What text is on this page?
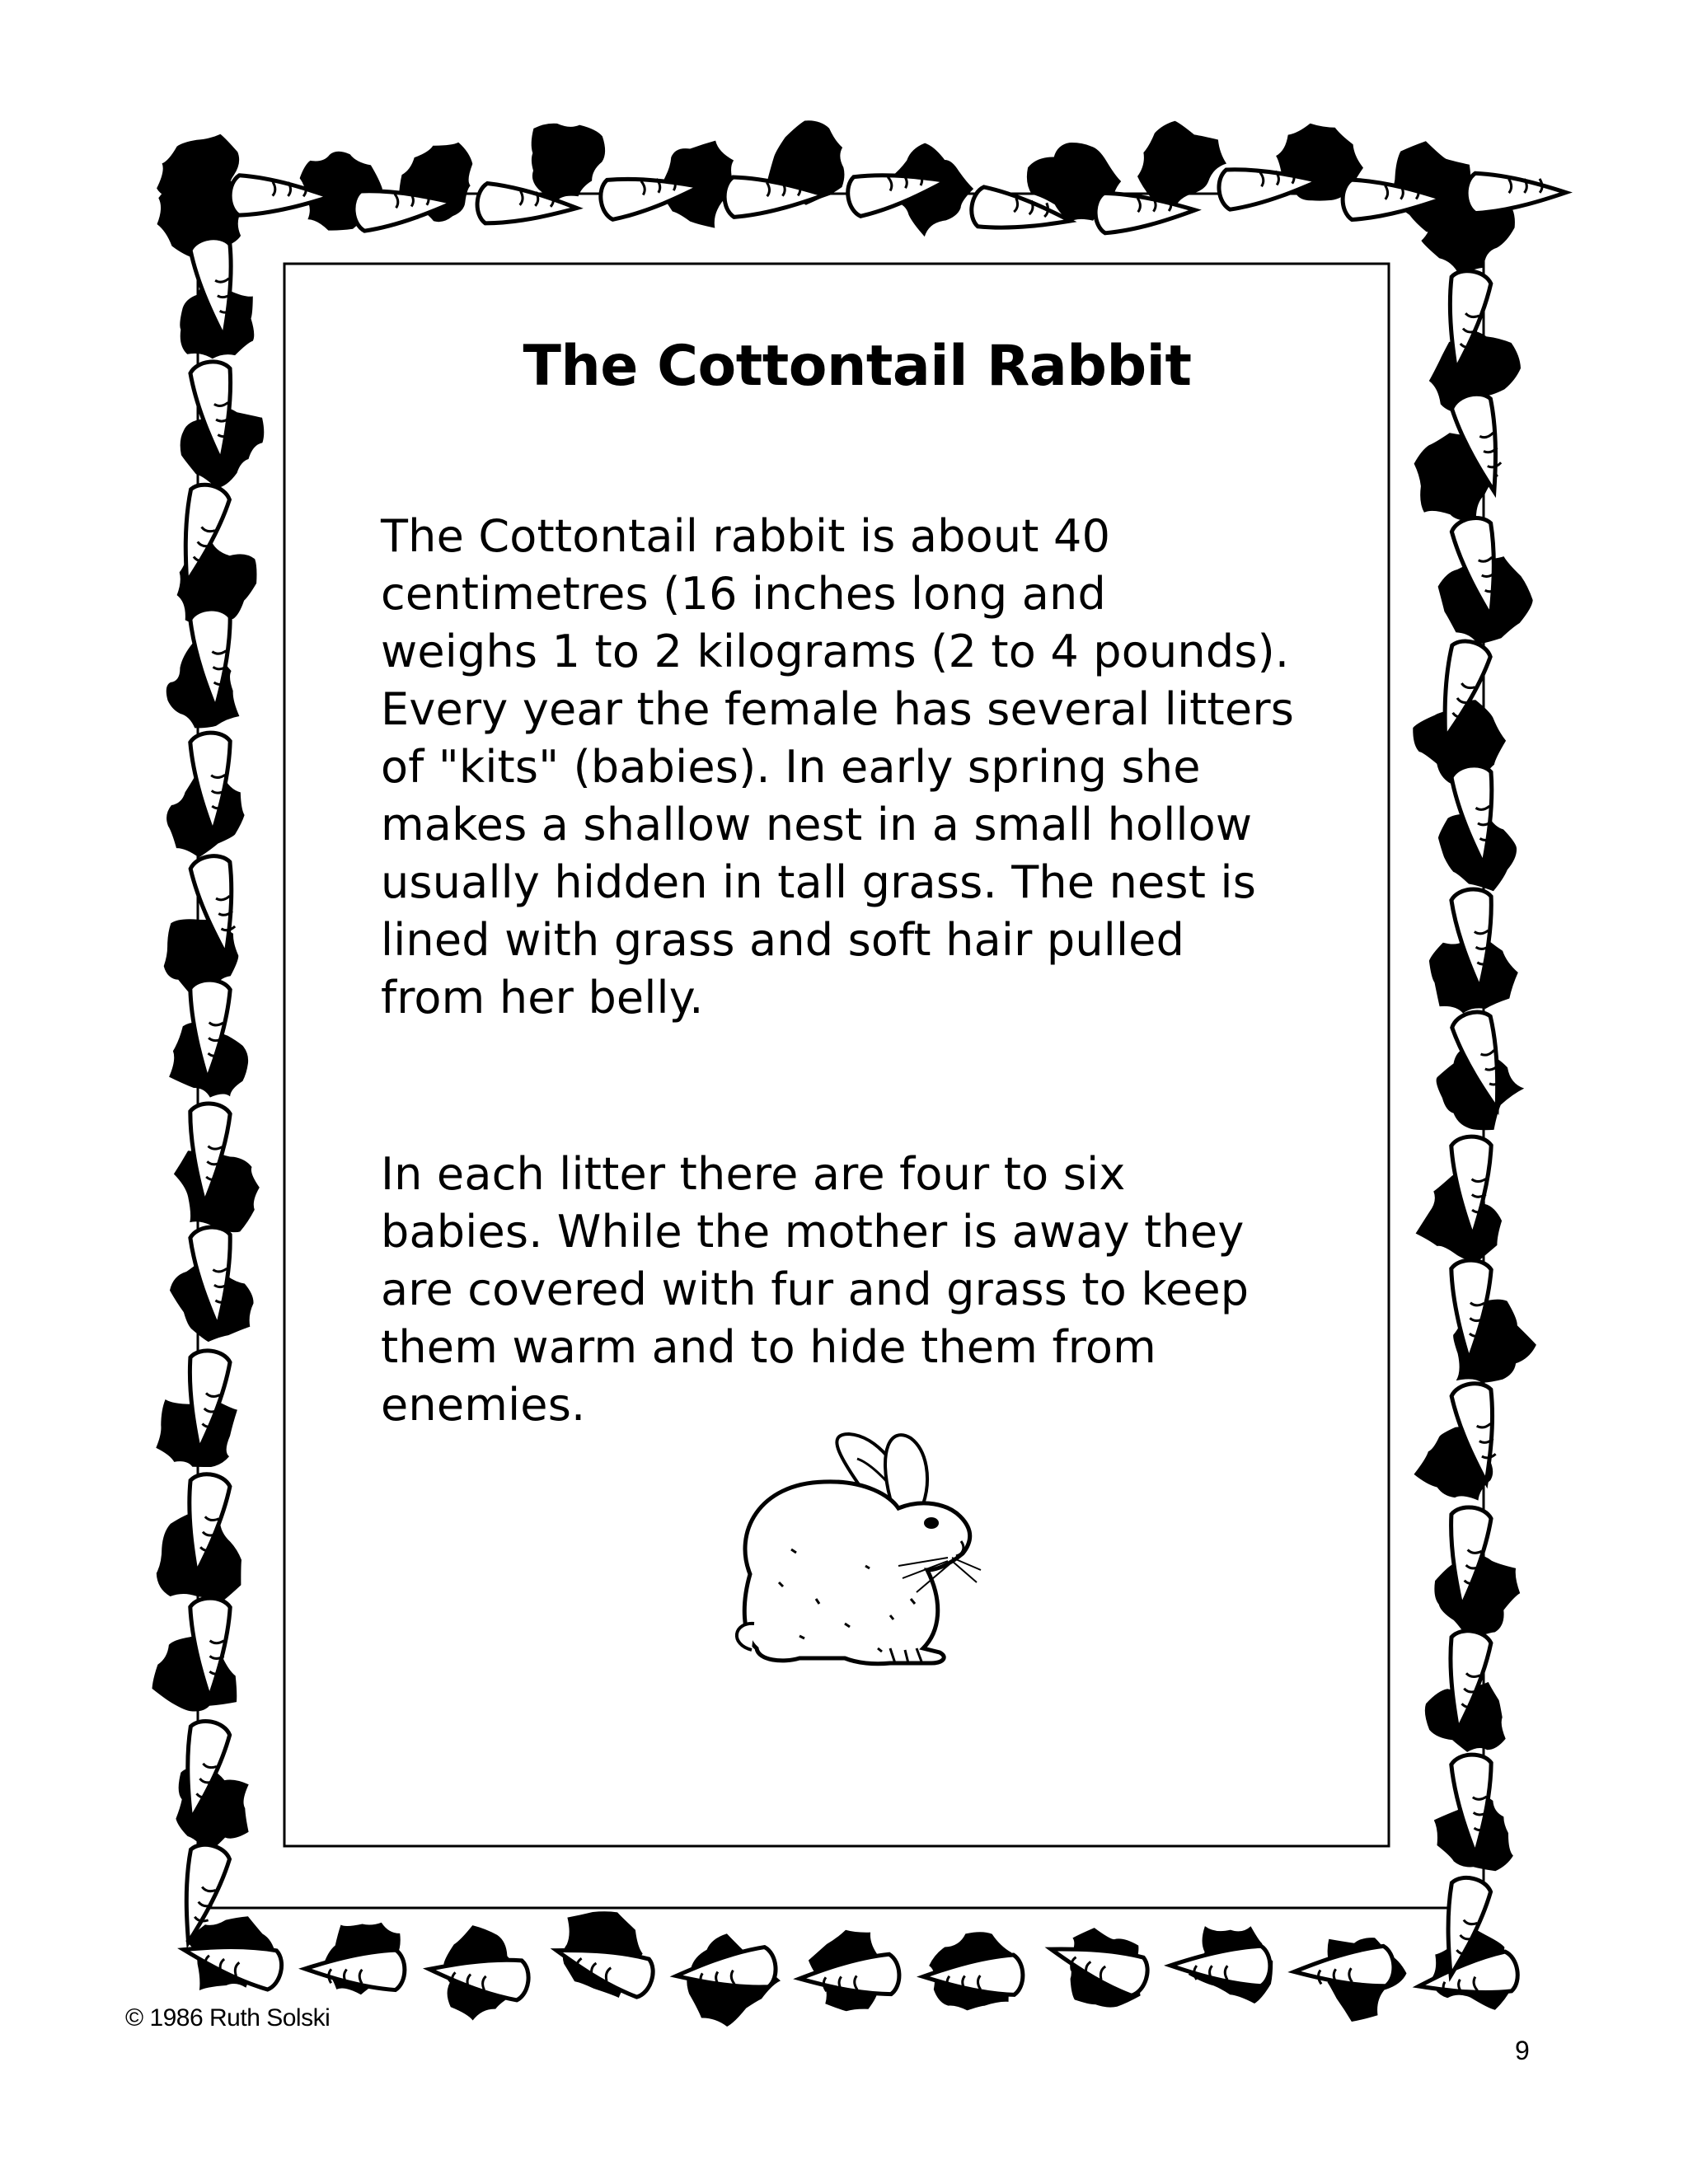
The Cottontail Rabbit

The Cottontail rabbit is about 40
centimetres (16 inches long and
weighs 1 to 2 kilograms (2 to 4 pounds).
Every year the female has several litters
of "kits" (babies). In early spring she
makes a shallow nest in a small hollow
usually hidden in tall grass. The nest is
lined with grass and soft hair pulled
from her belly.

In each litter there are four to six
babies. While the mother is away they
are covered with fur and grass to keep
them warm and to hide them from
enemies.

© 1986 Ruth Solski
9
